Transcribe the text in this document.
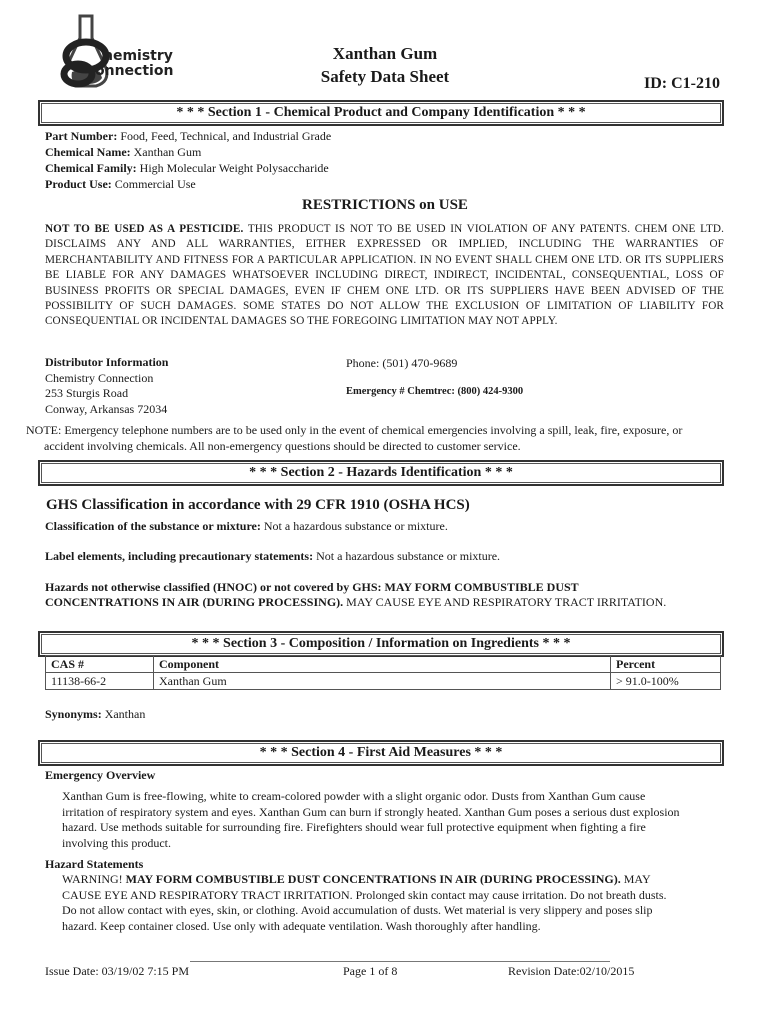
hemistry
onnection
Xanthan Gum
Safety Data Sheet	ID: C1-210
* * * Section 1 - Chemical Product and Company Identification * * *
Part Number: Food, Feed, Technical, and Industrial Grade
Chemical Name: Xanthan Gum
Chemical Family: High Molecular Weight Polysaccharide
Product Use: Commercial Use
RESTRICTIONS on USE
NOT TO BE USED AS A PESTICIDE. THIS PRODUCT IS NOT TO BE USED IN VIOLATION OF ANY PATENTS. CHEM ONE LTD. DISCLAIMS ANY AND ALL WARRANTIES, EITHER EXPRESSED OR IMPLIED, INCLUDING THE WARRANTIES OF MERCHANTABILITY AND FITNESS FOR A PARTICULAR APPLICATION. IN NO EVENT SHALL CHEM ONE LTD. OR ITS SUPPLIERS BE LIABLE FOR ANY DAMAGES WHATSOEVER INCLUDING DIRECT, INDIRECT, INCIDENTAL, CONSEQUENTIAL, LOSS OF BUSINESS PROFITS OR SPECIAL DAMAGES, EVEN IF CHEM ONE LTD. OR ITS SUPPLIERS HAVE BEEN ADVISED OF THE POSSIBILITY OF SUCH DAMAGES. SOME STATES DO NOT ALLOW THE EXCLUSION OF LIMITATION OF LIABILITY FOR CONSEQUENTIAL OR INCIDENTAL DAMAGES SO THE FOREGOING LIMITATION MAY NOT APPLY.
Distributor Information
Chemistry Connection
253 Sturgis Road
Conway, Arkansas 72034
Phone: (501) 470-9689
Emergency # Chemtrec: (800) 424-9300
NOTE: Emergency telephone numbers are to be used only in the event of chemical emergencies involving a spill, leak, fire, exposure, or
accident involving chemicals. All non-emergency questions should be directed to customer service.
* * * Section 2 - Hazards Identification * * *
GHS Classification in accordance with 29 CFR 1910 (OSHA HCS)
Classification of the substance or mixture: Not a hazardous substance or mixture.
Label elements, including precautionary statements: Not a hazardous substance or mixture.
Hazards not otherwise classified (HNOC) or not covered by GHS: MAY FORM COMBUSTIBLE DUST
CONCENTRATIONS IN AIR (DURING PROCESSING). MAY CAUSE EYE AND RESPIRATORY TRACT IRRITATION.
* * * Section 3 - Composition / Information on Ingredients * * *
CAS #	Component	Percent
11138-66-2	Xanthan Gum	> 91.0-100%
Synonyms: Xanthan
* * * Section 4 - First Aid Measures * * *
Emergency Overview
Xanthan Gum is free-flowing, white to cream-colored powder with a slight organic odor. Dusts from Xanthan Gum cause
irritation of respiratory system and eyes. Xanthan Gum can burn if strongly heated. Xanthan Gum poses a serious dust explosion
hazard. Use methods suitable for surrounding fire. Firefighters should wear full protective equipment when fighting a fire
involving this product.
Hazard Statements
WARNING! MAY FORM COMBUSTIBLE DUST CONCENTRATIONS IN AIR (DURING PROCESSING). MAY
CAUSE EYE AND RESPIRATORY TRACT IRRITATION. Prolonged skin contact may cause irritation. Do not breath dusts.
Do not allow contact with eyes, skin, or clothing. Avoid accumulation of dusts. Wet material is very slippery and poses slip
hazard. Keep container closed. Use only with adequate ventilation. Wash thoroughly after handling.
Issue Date: 03/19/02 7:15 PM	Page 1 of 8	Revision Date:02/10/2015
